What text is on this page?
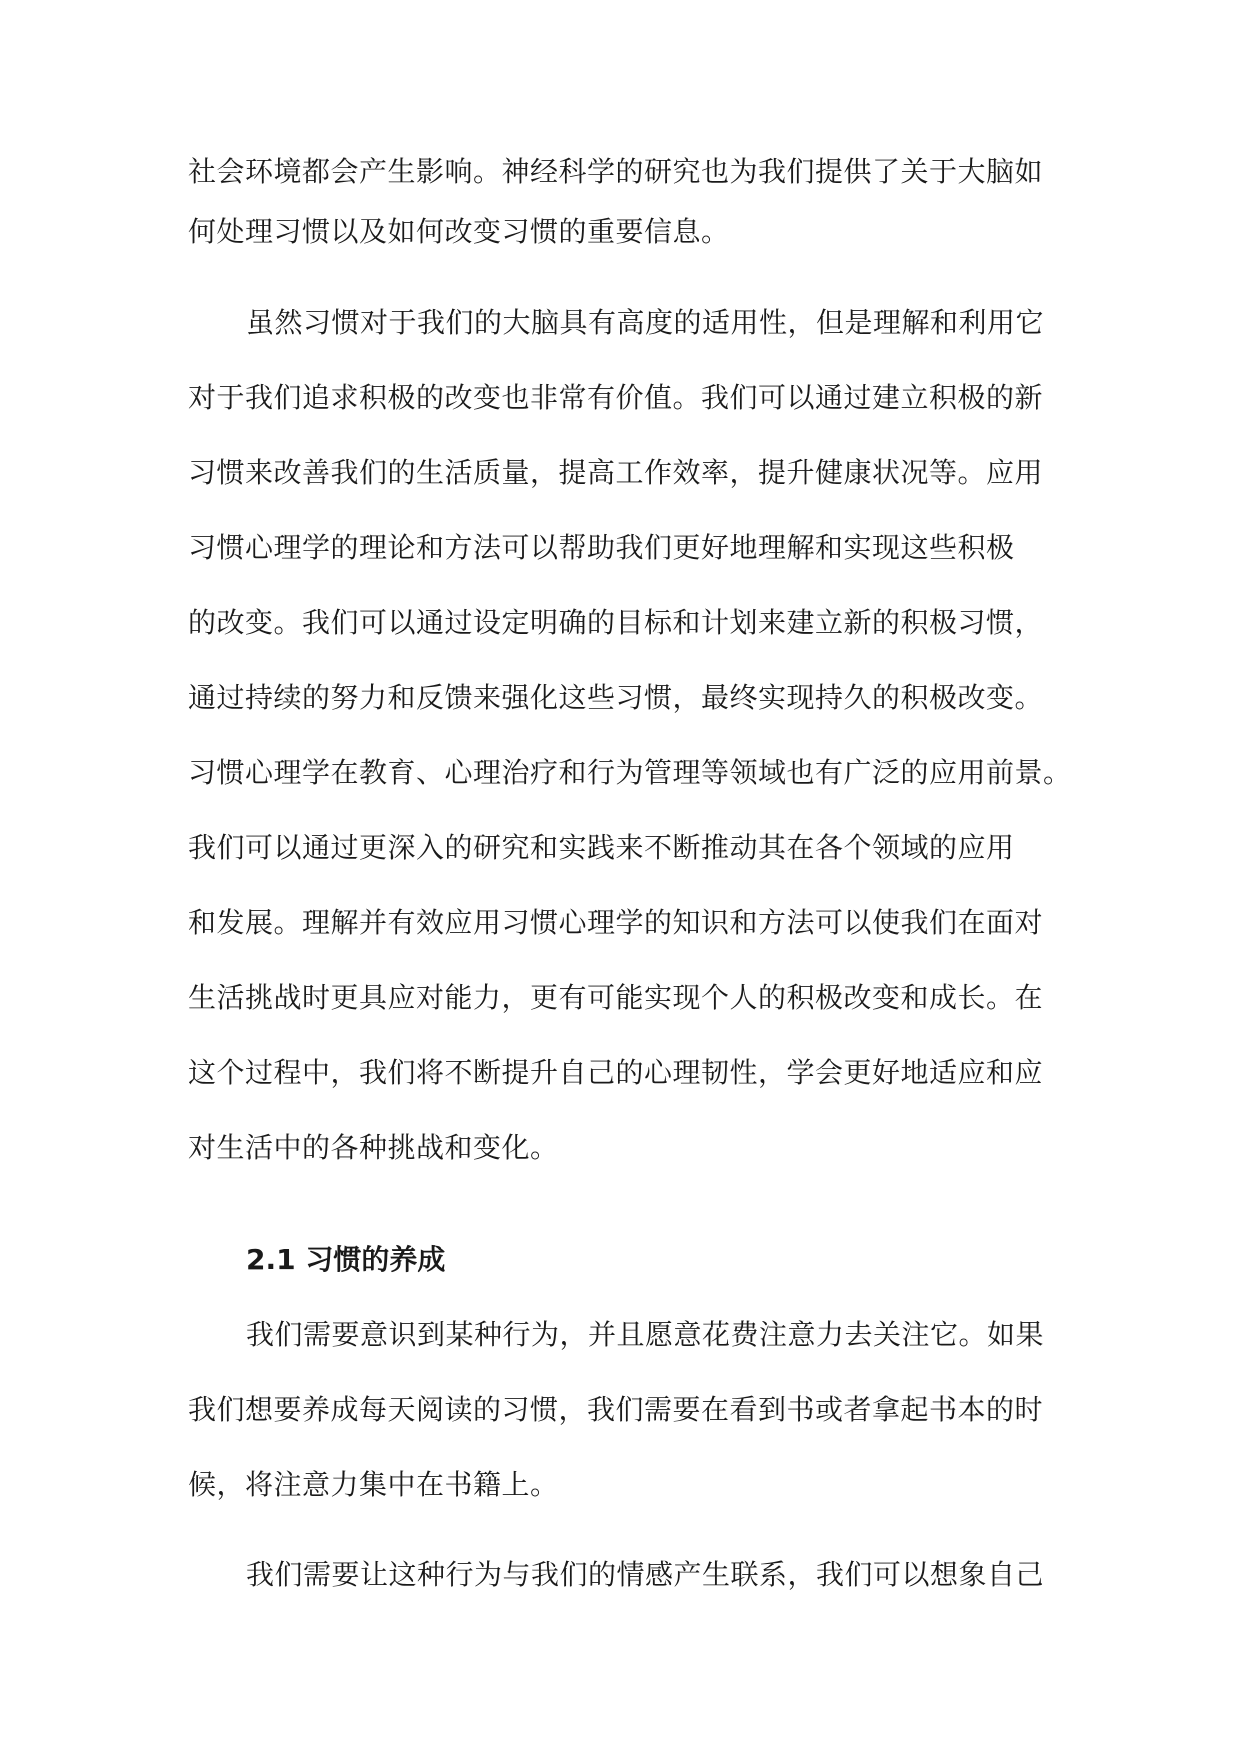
社会环境都会产生影响。神经科学的研究也为我们提供了关于大脑如
何处理习惯以及如何改变习惯的重要信息。
虽然习惯对于我们的大脑具有高度的适用性，但是理解和利用它
对于我们追求积极的改变也非常有价值。我们可以通过建立积极的新
习惯来改善我们的生活质量，提高工作效率，提升健康状况等。应用
习惯心理学的理论和方法可以帮助我们更好地理解和实现这些积极
的改变。我们可以通过设定明确的目标和计划来建立新的积极习惯，
通过持续的努力和反馈来强化这些习惯，最终实现持久的积极改变。
习惯心理学在教育、心理治疗和行为管理等领域也有广泛的应用前景。
我们可以通过更深入的研究和实践来不断推动其在各个领域的应用
和发展。理解并有效应用习惯心理学的知识和方法可以使我们在面对
生活挑战时更具应对能力，更有可能实现个人的积极改变和成长。在
这个过程中，我们将不断提升自己的心理韧性，学会更好地适应和应
对生活中的各种挑战和变化。
2.1 习惯的养成
我们需要意识到某种行为，并且愿意花费注意力去关注它。如果
我们想要养成每天阅读的习惯，我们需要在看到书或者拿起书本的时
候，将注意力集中在书籍上。
我们需要让这种行为与我们的情感产生联系，我们可以想象自己
